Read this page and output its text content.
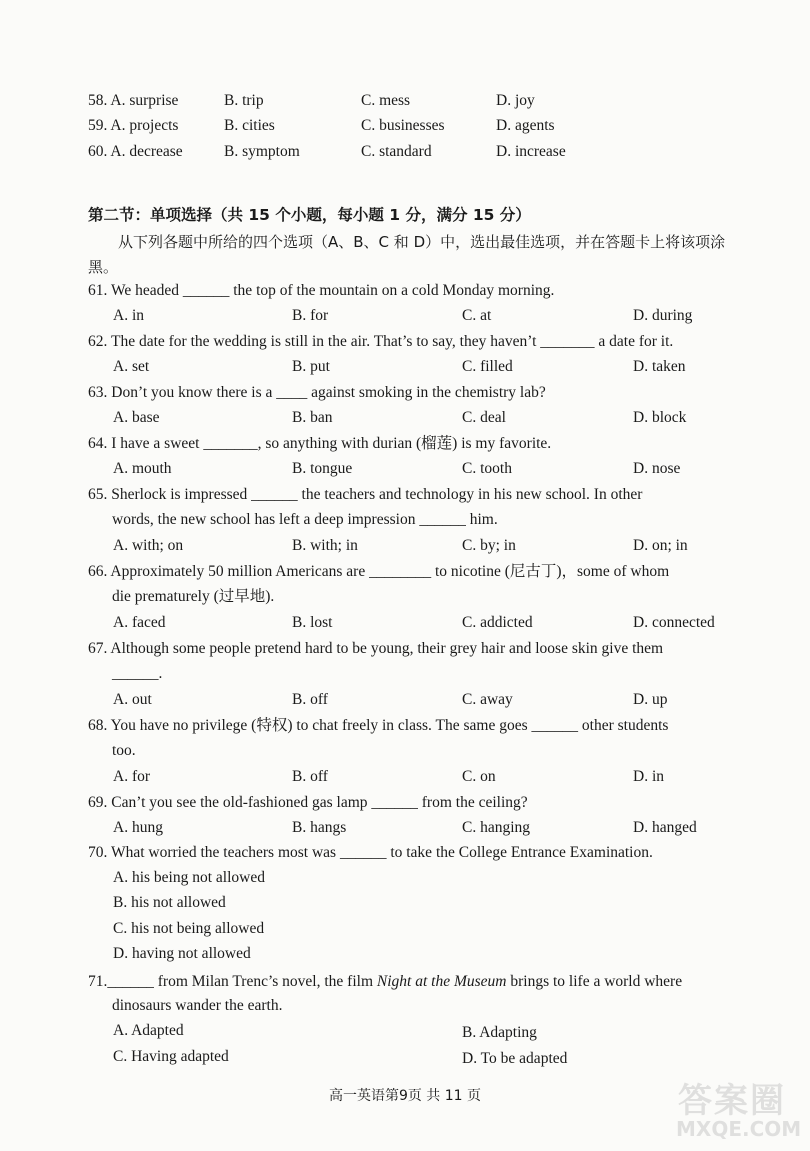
58. A. surprise	B. trip	C. mess	D. joy
59. A. projects	B. cities	C. businesses	D. agents
60. A. decrease	B. symptom	C. standard	D. increase
第二节：单项选择（共 15 个小题，每小题 1 分，满分 15 分）
从下列各题中所给的四个选项（A、B、C 和 D）中，选出最佳选项，并在答题卡上将该项涂黑。
61. We headed ______ the top of the mountain on a cold Monday morning.
A. in	B. for	C. at	D. during
62. The date for the wedding is still in the air. That’s to say, they haven’t _______ a date for it.
A. set	B. put	C. filled	D. taken
63. Don’t you know there is a ____ against smoking in the chemistry lab?
A. base	B. ban	C. deal	D. block
64. I have a sweet _______, so anything with durian (榴莲) is my favorite.
A. mouth	B. tongue	C. tooth	D. nose
65. Sherlock is impressed ______ the teachers and technology in his new school. In other
words, the new school has left a deep impression ______ him.
A. with; on	B. with; in	C. by; in	D. on; in
66. Approximately 50 million Americans are ________ to nicotine (尼古丁)，some of whom
die prematurely (过早地).
A. faced	B. lost	C. addicted	D. connected
67. Although some people pretend hard to be young, their grey hair and loose skin give them
______.
A. out	B. off	C. away	D. up
68. You have no privilege (特权) to chat freely in class. The same goes ______ other students
too.
A. for	B. off	C. on	D. in
69. Can’t you see the old-fashioned gas lamp ______ from the ceiling?
A. hung	B. hangs	C. hanging	D. hanged
70. What worried the teachers most was ______ to take the College Entrance Examination.
A. his being not allowed
B. his not allowed
C. his not being allowed
D. having not allowed
71.______ from Milan Trenc’s novel, the film Night at the Museum brings to life a world where
dinosaurs wander the earth.
A. Adapted	B. Adapting
C. Having adapted	D. To be adapted
高一英语第9页 共 11 页	答案圈
MXQE.COM
